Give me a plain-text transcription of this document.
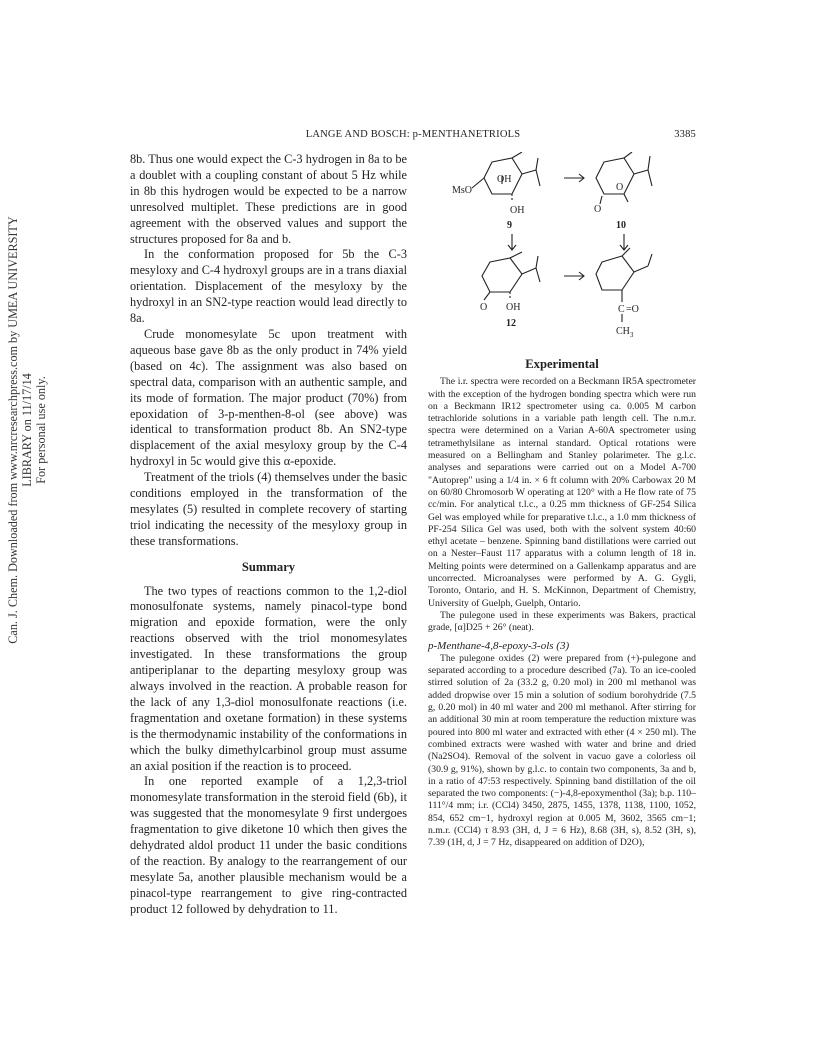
Can. J. Chem. Downloaded from www.nrcresearchpress.com by UMEA UNIVERSITY LIBRARY on 11/17/14 For personal use only.
LANGE AND BOSCH: p-MENTHANETRIOLS	3385

8b. Thus one would expect the C-3 hydrogen in 8a to be a doublet with a coupling constant of about 5 Hz while in 8b this hydrogen would be expected to be a narrow unresolved multiplet. These predictions are in good agreement with the observed values and support the structures proposed for 8a and b.

In the conformation proposed for 5b the C-3 mesyloxy and C-4 hydroxyl groups are in a trans diaxial orientation. Displacement of the mesyloxy by the hydroxyl in an SN2-type reaction would lead directly to 8a.

Crude monomesylate 5c upon treatment with aqueous base gave 8b as the only product in 74% yield (based on 4c). The assignment was also based on spectral data, comparison with an authentic sample, and its mode of formation. The major product (70%) from epoxidation of 3-p-menthen-8-ol (see above) was identical to transformation product 8b. An SN2-type displacement of the axial mesyloxy group by the C-4 hydroxyl in 5c would give this α-epoxide.

Treatment of the triols (4) themselves under the basic conditions employed in the transformation of the mesylates (5) resulted in complete recovery of starting triol indicating the necessity of the mesyloxy group in these transformations.

Summary

The two types of reactions common to the 1,2-diol monosulfonate systems, namely pinacol-type bond migration and epoxide formation, were the only reactions observed with the triol monomesylates investigated. In these transformations the group antiperiplanar to the departing mesyloxy group was always involved in the reaction. A probable reason for the lack of any 1,3-diol monosulfonate reactions (i.e. fragmentation and oxetane formation) in these systems is the thermodynamic instability of the conformations in which the bulky dimethylcarbinol group must assume an axial position if the reaction is to proceed.

In one reported example of a 1,2,3-triol monomesylate transformation in the steroid field (6b), it was suggested that the monomesylate 9 first undergoes fragmentation to give diketone 10 which then gives the dehydrated aldol product 11 under the basic conditions of the reaction. By analogy to the rearrangement of our mesylate 5a, another plausible mechanism would be a pinacol-type rearrangement to give ring-contracted product 12 followed by dehydration to 11.

OH
MsO
OH
9
O
O
10
O OH
12
C =O
$CH_3$
Experimental

The i.r. spectra were recorded on a Beckmann IR5A spectrometer with the exception of the hydrogen bonding spectra which were run on a Beckmann IR12 spectrometer using ca. 0.005 M carbon tetrachloride solutions in a variable path length cell. The n.m.r. spectra were determined on a Varian A-60A spectrometer using tetramethylsilane as internal standard. Optical rotations were measured on a Bellingham and Stanley polarimeter. The g.l.c. analyses and separations were carried out on a Model A-700 "Autoprep" using a 1/4 in. × 6 ft column with 20% Carbowax 20 M on 60/80 Chromosorb W operating at 120° with a He flow rate of 75 cc/min. For analytical t.l.c., a 0.25 mm thickness of GF-254 Silica Gel was employed while for preparative t.l.c., a 1.0 mm thickness of PF-254 Silica Gel was used, both with the solvent system 40:60 ethyl acetate – benzene. Spinning band distillations were carried out on a Nester–Faust 117 apparatus with a column length of 18 in. Melting points were determined on a Gallenkamp apparatus and are uncorrected. Microanalyses were performed by A. G. Gygli, Toronto, Ontario, and H. S. McKinnon, Department of Chemistry, University of Guelph, Guelph, Ontario.

The pulegone used in these experiments was Bakers, practical grade, [α]D25 + 26° (neat).

p-Menthane-4,8-epoxy-3-ols (3)

The pulegone oxides (2) were prepared from (+)-pulegone and separated according to a procedure described (7a). To an ice-cooled stirred solution of 2a (33.2 g, 0.20 mol) in 200 ml methanol was added dropwise over 15 min a solution of sodium borohydride (7.5 g, 0.20 mol) in 40 ml water and 200 ml methanol. After stirring for an additional 30 min at room temperature the reduction mixture was poured into 800 ml water and extracted with ether (4 × 250 ml). The combined extracts were washed with water and brine and dried (Na2SO4). Removal of the solvent in vacuo gave a colorless oil (30.9 g, 91%), shown by g.l.c. to contain two components, 3a and b, in a ratio of 47:53 respectively. Spinning band distillation of the oil separated the two components: (−)-4,8-epoxymenthol (3a); b.p. 110–111°/4 mm; i.r. (CCl4) 3450, 2875, 1455, 1378, 1138, 1100, 1052, 854, 652 cm−1, hydroxyl region at 0.005 M, 3602, 3565 cm−1; n.m.r. (CCl4) τ 8.93 (3H, d, J = 6 Hz), 8.68 (3H, s), 8.52 (3H, s), 7.39 (1H, d, J = 7 Hz, disappeared on addition of D2O),
